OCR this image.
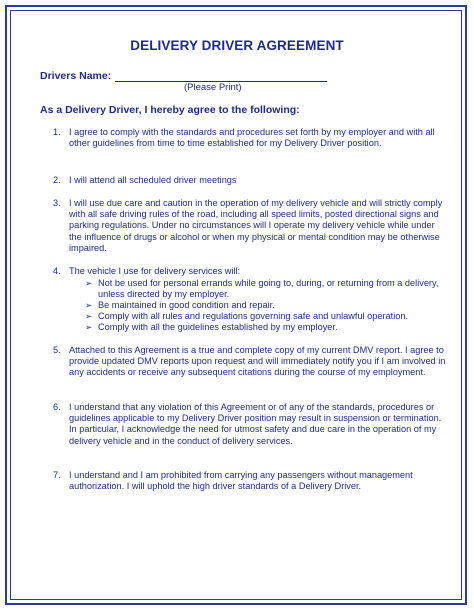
DELIVERY DRIVER AGREEMENT
Drivers Name:
(Please Print)
As a Delivery Driver, I hereby agree to the following:
1. I agree to comply with the standards and procedures set forth by my employer and with all other guidelines from time to time established for my Delivery Driver position.
2. I will attend all scheduled driver meetings
3. I will use due care and caution in the operation of my delivery vehicle and will strictly comply with all safe driving rules of the road, including all speed limits, posted directional signs and parking regulations. Under no circumstances will I operate my delivery vehicle while under the influence of drugs or alcohol or when my physical or mental condition may be otherwise impaired.
4. The vehicle I use for delivery services will:
➢ Not be used for personal errands while going to, during, or returning from a delivery, unless directed by my employer.
➢ Be maintained in good condition and repair.
➢ Comply with all rules and regulations governing safe and unlawful operation.
➢ Comply with all the guidelines established by my employer.
5. Attached to this Agreement is a true and complete copy of my current DMV report. I agree to provide updated DMV reports upon request and will immediately notify you if I am involved in any accidents or receive any subsequent citations during the course of my employment.
6. I understand that any violation of this Agreement or of any of the standards, procedures or guidelines applicable to my Delivery Driver position may result in suspension or termination. In particular, I acknowledge the need for utmost safety and due care in the operation of my delivery vehicle and in the conduct of delivery services.
7. I understand and I am prohibited from carrying any passengers without management authorization. I will uphold the high driver standards of a Delivery Driver.
